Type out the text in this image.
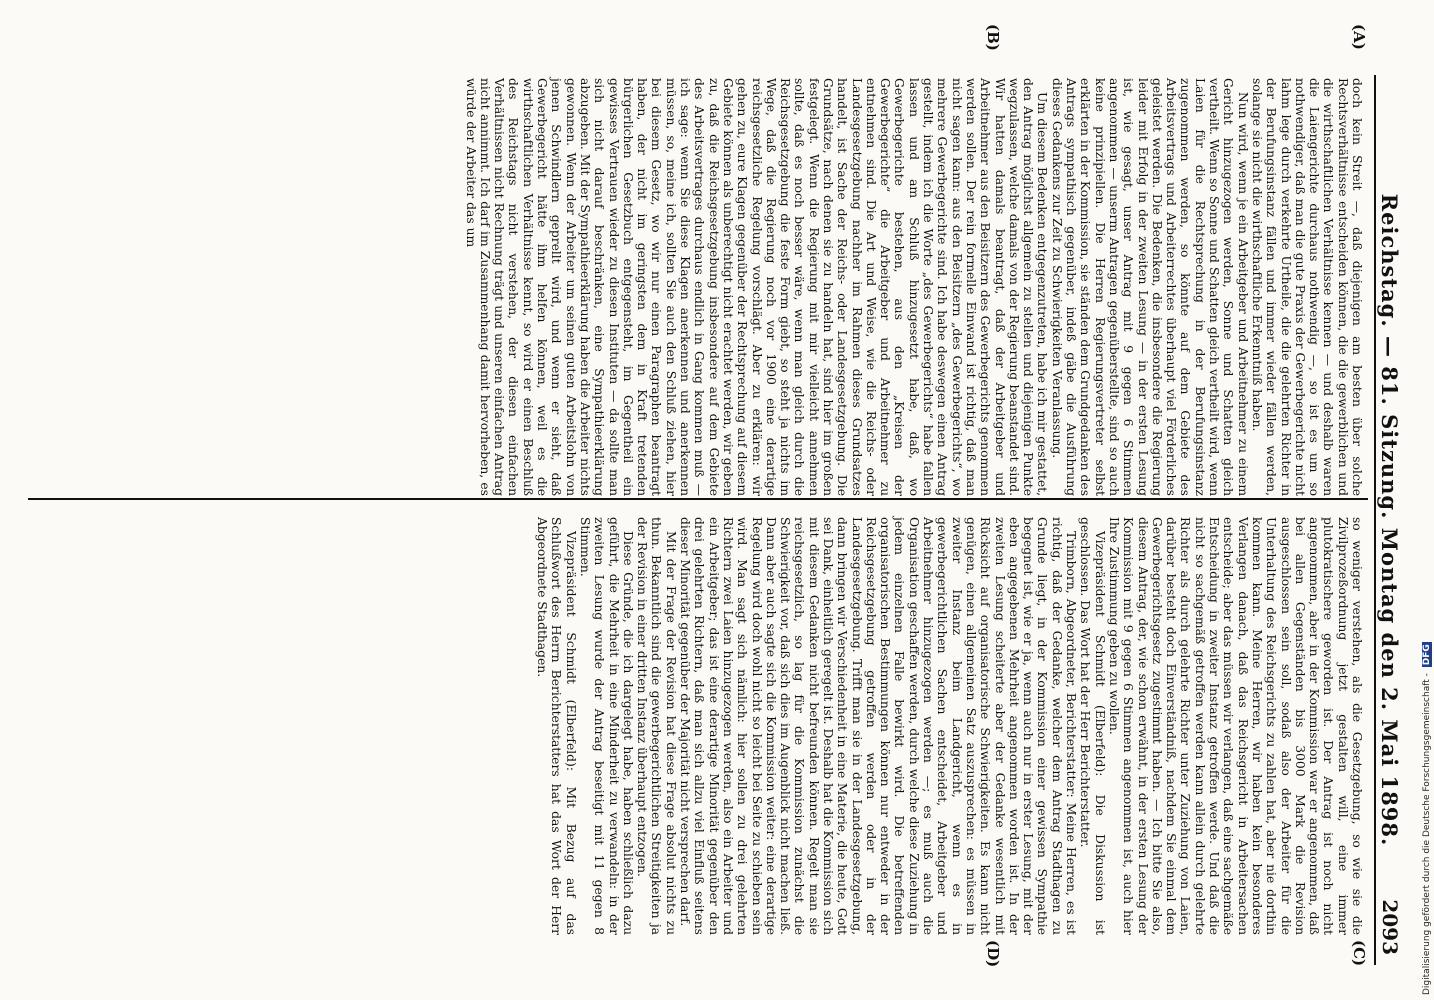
Reichstag. — 81. Sitzung. Montag den 2. Mai 1898.
2093
(A)
(B)
(C)
(D)

doch kein Streit —, daß diejenigen am besten über solche Rechtsverhältnisse entscheiden können, die die gewerblichen und die wirthschaftlichen Verhältnisse kennen — und deshalb waren die Laiengerichte durchaus nothwendig —, so ist es um so nothwendiger, daß man die gute Praxis der Gewerbegerichte nicht lahm lege durch verkehrte Urtheile, die die gelehrten Richter in der Berufungsinstanz fällen und immer wieder fällen werden, solange sie nicht die wirthschaftliche Erkenntniß haben.

Nun wird, wenn je ein Arbeitgeber und Arbeitnehmer zu einem Gericht hinzugezogen werden, Sonne und Schatten gleich vertheilt. Wenn so Sonne und Schatten gleich vertheilt wird, wenn Laien für die Rechtsprechung in der Berufungsinstanz zugenommen werden, so könnte auf dem Gebiete des Arbeitsvertrags und Arbeiterrechtes überhaupt viel Förderliches geleistet werden. Die Bedenken, die insbesondere die Regierung leider mit Erfolg in der zweiten Lesung — in der ersten Lesung ist, wie gesagt, unser Antrag mit 9 gegen 6 Stimmen angenommen — unserm Antragen gegenüberstellte, sind so auch keine prinzipiellen. Die Herren Regierungsvertreter selbst erklärten in der Kommission, sie ständen dem Grundgedanken des Antrags sympathisch gegenüber, indeß gäbe die Ausführung dieses Gedankens zur Zeit zu Schwierigkeiten Veranlassung.

Um diesem Bedenken entgegenzutreten, habe ich mir gestattet, den Antrag möglichst allgemein zu stellen und diejenigen Punkte wegzulassen, welche damals von der Regierung beanstandet sind. Wir hatten damals beantragt, daß der Arbeitgeber und Arbeitnehmer aus den Beisitzern des Gewerbegerichts genommen werden sollen. Der rein formelle Einwand ist richtig, daß man nicht sagen kann: aus den Beisitzern „des Gewerbegerichts“, wo mehrere Gewerbegerichte sind. Ich habe deswegen einen Antrag gestellt, indem ich die Worte „des Gewerbegerichts“ habe fallen lassen und am Schluß hinzugesetzt habe, daß, wo Gewerbegerichte bestehen, aus den „Kreisen der Gewerbegerichte“ die Arbeitgeber und Arbeitnehmer zu entnehmen sind. Die Art und Weise, wie die Reichs- oder Landesgesetzgebung nachher im Rahmen dieses Grundsatzes handelt, ist Sache der Reichs- oder Landesgesetzgebung. Die Grundsätze, nach denen sie zu handeln hat, sind hier im großen festgelegt. Wenn die Regierung mit mir vielleicht annehmen sollte, daß es noch besser wäre, wenn man gleich durch die Reichsgesetzgebung die feste Form giebt, so steht ja nichts im Wege, daß die Regierung noch vor 1900 eine derartige reichsgesetzliche Regelung vorschlägt. Aber zu erklären: wir gehen zu, eure Klagen gegenüber der Rechtsprechung auf diesem Gebiete können als unberechtigt nicht erachtet werden, wir geben zu, daß die Reichsgesetzgebung insbesondere auf dem Gebiete des Arbeitsvertrages durchaus endlich in Gang kommen muß — ich sage: wenn Sie diese Klagen anerkennen und anerkennen müssen, so, meine ich, sollten Sie auch den Schluß ziehen, hier bei diesem Gesetz, wo wir nur einen Paragraphen beantragt haben, der nicht im geringsten dem in Kraft tretenden bürgerlichen Gesetzbuch entgegensteht, im Gegentheil ein gewisses Vertrauen wieder zu diesen Instituten — da sollte man sich nicht darauf beschränken, eine Sympathieerklärung abzugeben. Mit der Sympathieerklärung haben die Arbeiter nichts gewonnen. Wenn der Arbeiter um seinen guten Arbeitslohn von jenen Schwindlern geprellt wird, und wenn er sieht, daß Gewerbegericht hätte ihm helfen können, weil es die wirthschaftlichen Verhältnisse kennt, so wird er einen Beschluß des Reichstags nicht verstehen, der diesen einfachen Verhältnissen nicht Rechnung trägt und unseren einfachen Antrag nicht annimmt. Ich darf im Zusammenhang damit hervorheben, es würde der Arbeiter das um

so weniger verstehen, als die Gesetzgebung, so wie sie die Zivilprozeßordnung jetzt gestalten will, eine immer plutokratischere geworden ist. Der Antrag ist noch nicht angenommen, aber in der Kommission war er angenommen, daß bei allen Gegenständen bis 3000 Mark die Revision ausgeschlossen sein soll, sodaß also der Arbeiter für die Unterhaltung des Reichsgerichts zu zahlen hat, aber nie dorthin kommen kann. Meine Herren, wir haben kein besonderes Verlangen danach, daß das Reichsgericht in Arbeitersachen entscheide; aber das müssen wir verlangen, daß eine sachgemäße Entscheidung in zweiter Instanz getroffen werde. Und daß die nicht so sachgemäß getroffen werden kann allein durch gelehrte Richter als durch gelehrte Richter unter Zuziehung von Laien, darüber besteht doch Einverständniß, nachdem Sie einmal dem Gewerbegerichtsgesetz zugestimmt haben. — Ich bitte Sie also, diesem Antrag, der, wie schon erwähnt, in der ersten Lesung der Kommission mit 9 gegen 6 Stimmen angenommen ist, auch hier Ihre Zustimmung geben zu wollen.

Vizepräsident Schmidt (Elberfeld): Die Diskussion ist geschlossen. Das Wort hat der Herr Berichterstatter.

Trimborn, Abgeordneter, Berichterstatter: Meine Herren, es ist richtig, daß der Gedanke, welcher dem Antrag Stadthagen zu Grunde liegt, in der Kommission einer gewissen Sympathie begegnet ist, wie er ja, wenn auch nur in erster Lesung, mit der eben angegebenen Mehrheit angenommen worden ist. In der zweiten Lesung scheiterte aber der Gedanke wesentlich mit Rücksicht auf organisatorische Schwierigkeiten. Es kann nicht genügen, einen allgemeinen Satz auszusprechen: es müssen in zweiter Instanz beim Landgericht, wenn es in gewerbegerichtlichen Sachen entscheidet, Arbeitgeber und Arbeitnehmer hinzugezogen werden —; es muß auch die Organisation geschaffen werden, durch welche diese Zuziehung in jedem einzelnen Falle bewirkt wird. Die betreffenden organisatorischen Bestimmungen können nur entweder in der Reichsgesetzgebung getroffen werden oder in der Landesgesetzgebung. Trifft man sie in der Landesgesetzgebung, dann bringen wir Verschiedenheit in eine Materie, die heute, Gott sei Dank, einheitlich geregelt ist. Deshalb hat die Kommission sich mit diesem Gedanken nicht befreunden können. Regelt man sie reichsgesetzlich, so lag für die Kommission zunächst die Schwierigkeit vor, daß sich dies im Augenblick nicht machen ließ. Dann aber auch sagte sich die Kommission weiter: eine derartige Regelung wird doch wohl nicht so leicht bei Seite zu schieben sein wird. Man sagt sich nämlich: hier sollen zu drei gelehrten Richtern zwei Laien hinzugezogen werden, also ein Arbeiter und ein Arbeitgeber; das ist eine derartige Minorität gegenüber den drei gelehrten Richtern, daß man sich allzu viel Einfluß seitens dieser Minorität gegenüber der Majorität nicht versprechen darf.

Mit der Frage der Revision hat diese Frage absolut nichts zu thun. Bekanntlich sind die gewerbegerichtlichen Streitigkeiten ja der Revision in einer dritten Instanz überhaupt entzogen.

Diese Gründe, die ich dargelegt habe, haben schließlich dazu geführt, die Mehrheit in eine Minderheit zu verwandeln: in der zweiten Lesung wurde der Antrag beseitigt mit 11 gegen 8 Stimmen.

Vizepräsident Schmidt (Elberfeld): Mit Bezug auf das Schlußwort des Herrn Berichterstatters hat das Wort der Herr Abgeordnete Stadthagen.

Digitalisierung gefördert durch die Deutsche Forschungsgemeinschaft - DFG
